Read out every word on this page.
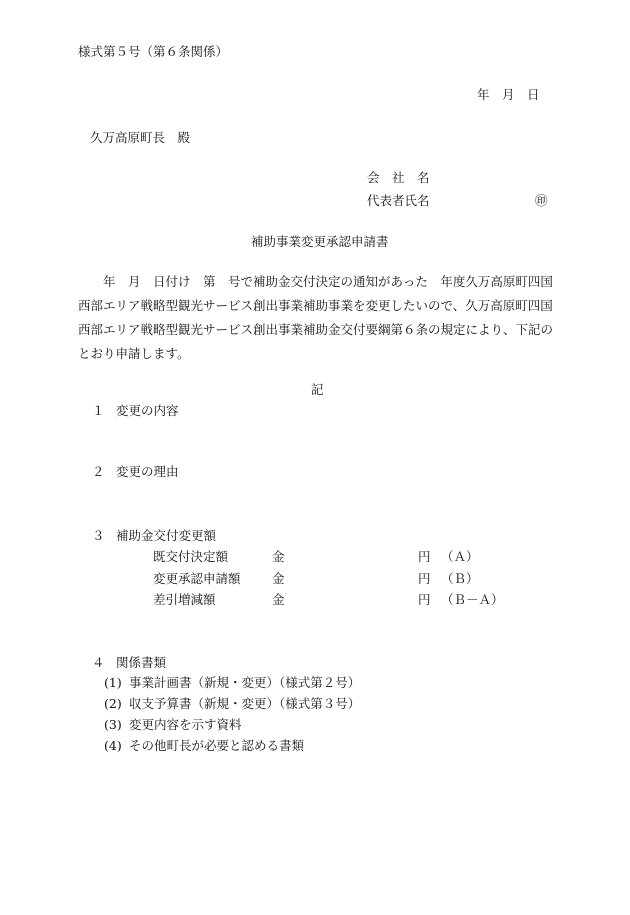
様式第５号（第６条関係）
年　月　日
久万高原町長　殿
会　社　名
代表者氏名	㊞
補助事業変更承認申請書
　　年　月　日付け　第　号で補助金交付決定の通知があった　年度久万高原町四国西部エリア戦略型観光サービス創出事業補助事業を変更したいので、久万高原町四国西部エリア戦略型観光サービス創出事業補助金交付要綱第６条の規定により、下記のとおり申請します。
記
１ 変更の内容
２ 変更の理由
３ 補助金交付変更額
既交付決定額	金	円 （Ａ）
変更承認申請額	金	円 （Ｂ）
差引増減額	金	円 （Ｂ－Ａ）
４ 関係書類
(1) 事業計画書（新規・変更）（様式第２号）
(2) 収支予算書（新規・変更）（様式第３号）
(3) 変更内容を示す資料
(4) その他町長が必要と認める書類
